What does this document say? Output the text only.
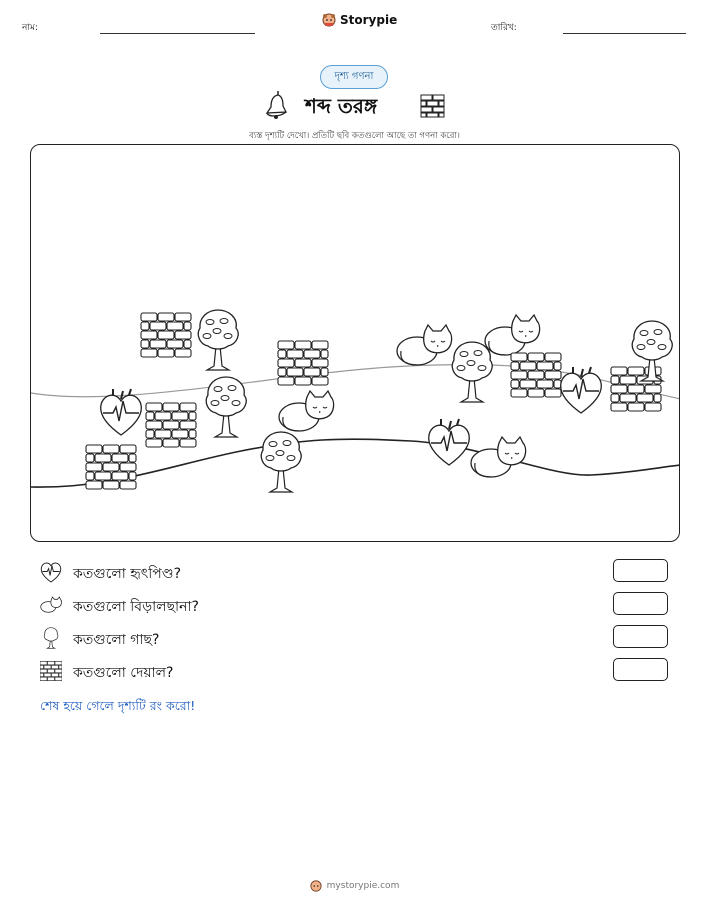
নাম:
Storypie
তারিখ:
দৃশ্য গণনা
শব্দ তরঙ্গ
ব্যস্ত দৃশ্যটি দেখো। প্রতিটি ছবি কতগুলো আছে তা গণনা করো।
কতগুলো হৃৎপিণ্ড?
কতগুলো বিড়ালছানা?
কতগুলো গাছ?
কতগুলো দেয়াল?
শেষ হয়ে গেলে দৃশ্যটি রং করো!
mystorypie.com
